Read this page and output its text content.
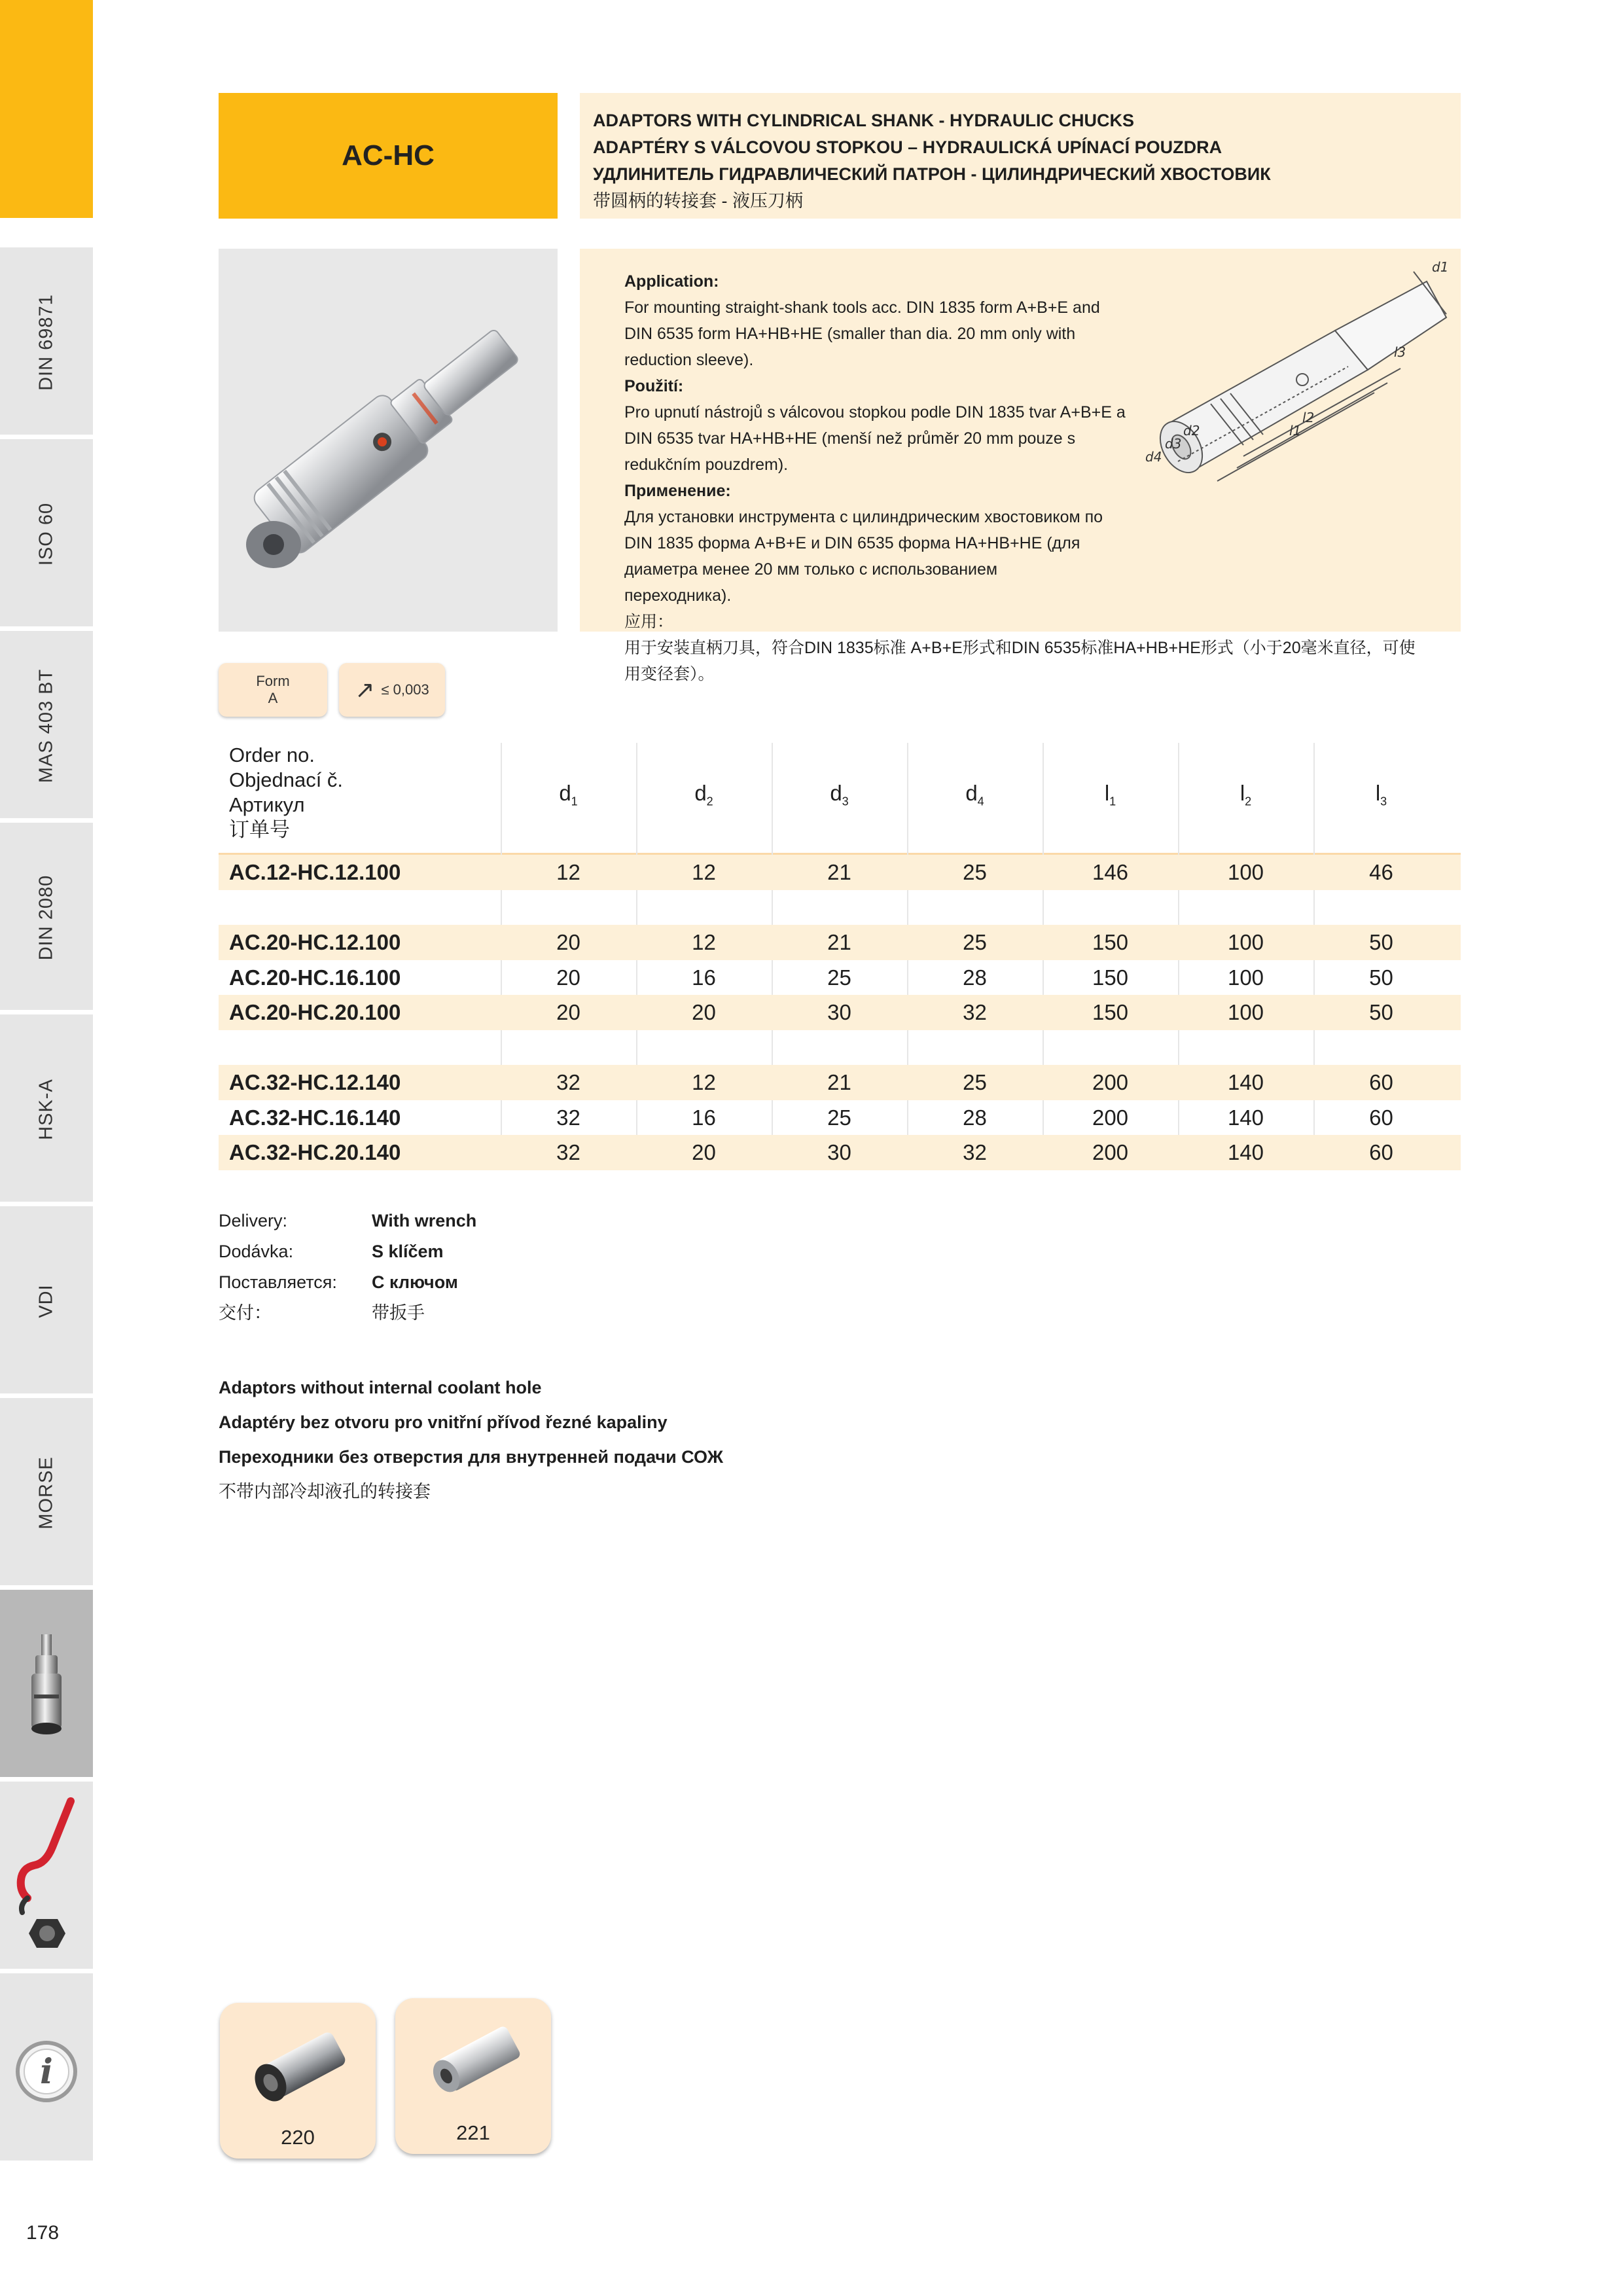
DIN 69871
ISO 60
MAS 403 BT
DIN 2080
HSK-A
VDI
MORSE
i
178
AC-HC
ADAPTORS WITH CYLINDRICAL SHANK - HYDRAULIC CHUCKS
ADAPTÉRY S VÁLCOVOU STOPKOU – HYDRAULICKÁ UPÍNACÍ POUZDRA
УДЛИНИТЕЛЬ ГИДРАВЛИЧЕСКИЙ ПАТРОН - ЦИЛИНДРИЧЕСКИЙ ХВОСТОВИК
带圆柄的转接套 - 液压刀柄
Application:
For mounting straight-shank tools acc. DIN 1835 form A+B+E and DIN 6535 form HA+HB+HE (smaller than dia. 20 mm only with reduction sleeve).
Použití:
Pro upnutí nástrojů s válcovou stopkou podle DIN 1835 tvar A+B+E a DIN 6535 tvar HA+HB+HE (menší než průměr 20 mm pouze s redukčním pouzdrem).
Применение:
Для установки инструмента с цилиндрическим хвостовиком по DIN 1835 форма A+B+E и DIN 6535 форма HA+HB+HE (для диаметра менее 20 мм только с использованием переходника).
应用：
用于安装直柄刀具，符合DIN 1835标准 A+B+E形式和DIN 6535标准HA+HB+HE形式（小于20毫米直径，可使用变径套）。
d4
d3
d2
d1
l1
l2
l3
Form
A	↗ ≤ 0,003
Order no.
Objednací č.
Артикул
订单号
$d_1$	$d_2$	$d_3$	$d_4$	$l_1$	$l_2$	$l_3$
AC.12-HC.12.100	12	12	21	25	146	100	46
AC.20-HC.12.100	20	12	21	25	150	100	50
AC.20-HC.16.100	20	16	25	28	150	100	50
AC.20-HC.20.100	20	20	30	32	150	100	50
AC.32-HC.12.140	32	12	21	25	200	140	60
AC.32-HC.16.140	32	16	25	28	200	140	60
AC.32-HC.20.140	32	20	30	32	200	140	60
Delivery:	With wrench
Dodávka:	S klíčem
Поставляется: С ключом
交付：	带扳手
Adaptors without internal coolant hole
Adaptéry bez otvoru pro vnitřní přívod řezné kapaliny
Переходники без отверстия для внутренней подачи СОЖ
不带内部冷却液孔的转接套
220	221
